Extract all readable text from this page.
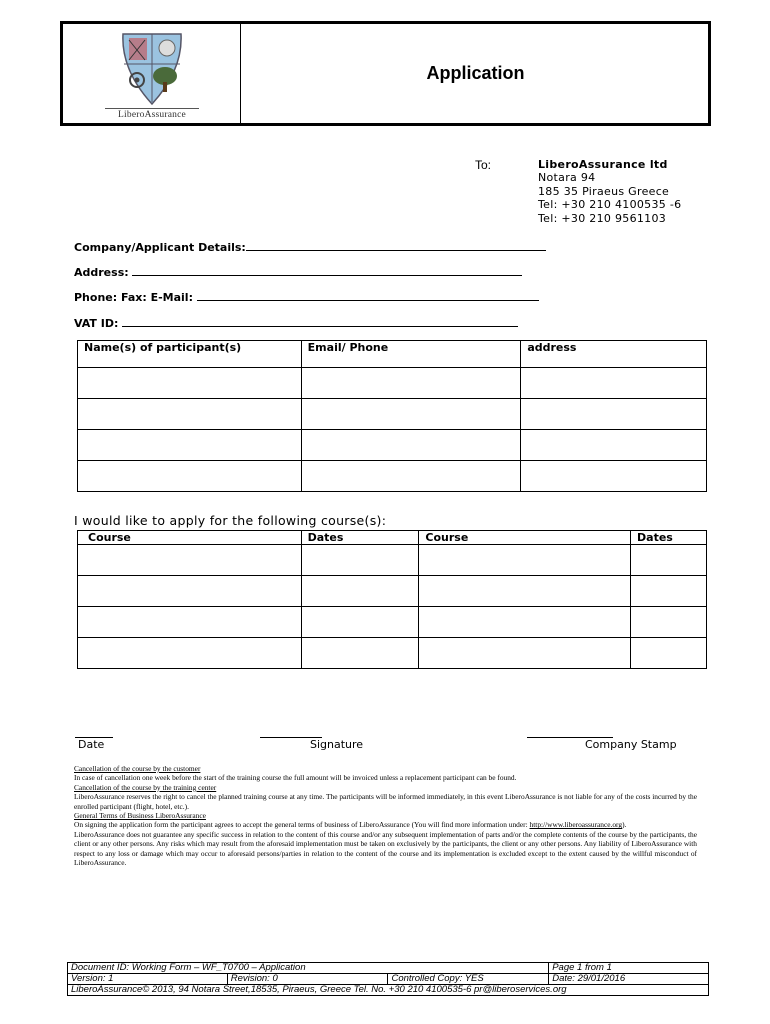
LiberoAssurance
Application
To:	LiberoAssurance ltd
Notara 94
185 35 Piraeus Greece
Tel: +30 210 4100535 -6
Tel: +30 210 9561103
Company/Applicant Details:
Address:
Phone: Fax: E-Mail:
VAT ID:
Name(s) of participant(s)	Email/ Phone	address

I would like to apply for the following course(s):
Course	Dates	Course	Dates

Date	Signature	Company Stamp
Cancellation of the course by the customer
In case of cancellation one week before the start of the training course the full amount will be invoiced unless a replacement participant can be found.
Cancellation of the course by the training center
LiberoAssurance reserves the right to cancel the planned training course at any time. The participants will be informed immediately, in this event LiberoAssurance is not liable for any of the costs incurred by the enrolled participant (flight, hotel, etc.).
General Terms of Business LiberoAssurance
On signing the application form the participant agrees to accept the general terms of business of LiberoAssurance (You will find more information under: http://www.liberoassurance.org).
LiberoAssurance does not guarantee any specific success in relation to the content of this course and/or any subsequent implementation of parts and/or the complete contents of the course by the participants, the client or any other persons. Any risks which may result from the aforesaid implementation must be taken on exclusively by the participants, the client or any other persons. Any liability of LiberoAssurance with respect to any loss or damage which may occur to aforesaid persons/parties in relation to the content of the course and its implementation is excluded except to the extent caused by the willful misconduct of LiberoAssurance.
Document ID: Working Form – WF_T0700 – Application			Page 1 from 1
Version: 1	Revision: 0	Controlled Copy: YES	Date: 29/01/2016
LiberoAssurance© 2013, 94 Notara Street,18535, Piraeus, Greece Tel. No. +30 210 4100535-6 pr@liberoservices.org			
